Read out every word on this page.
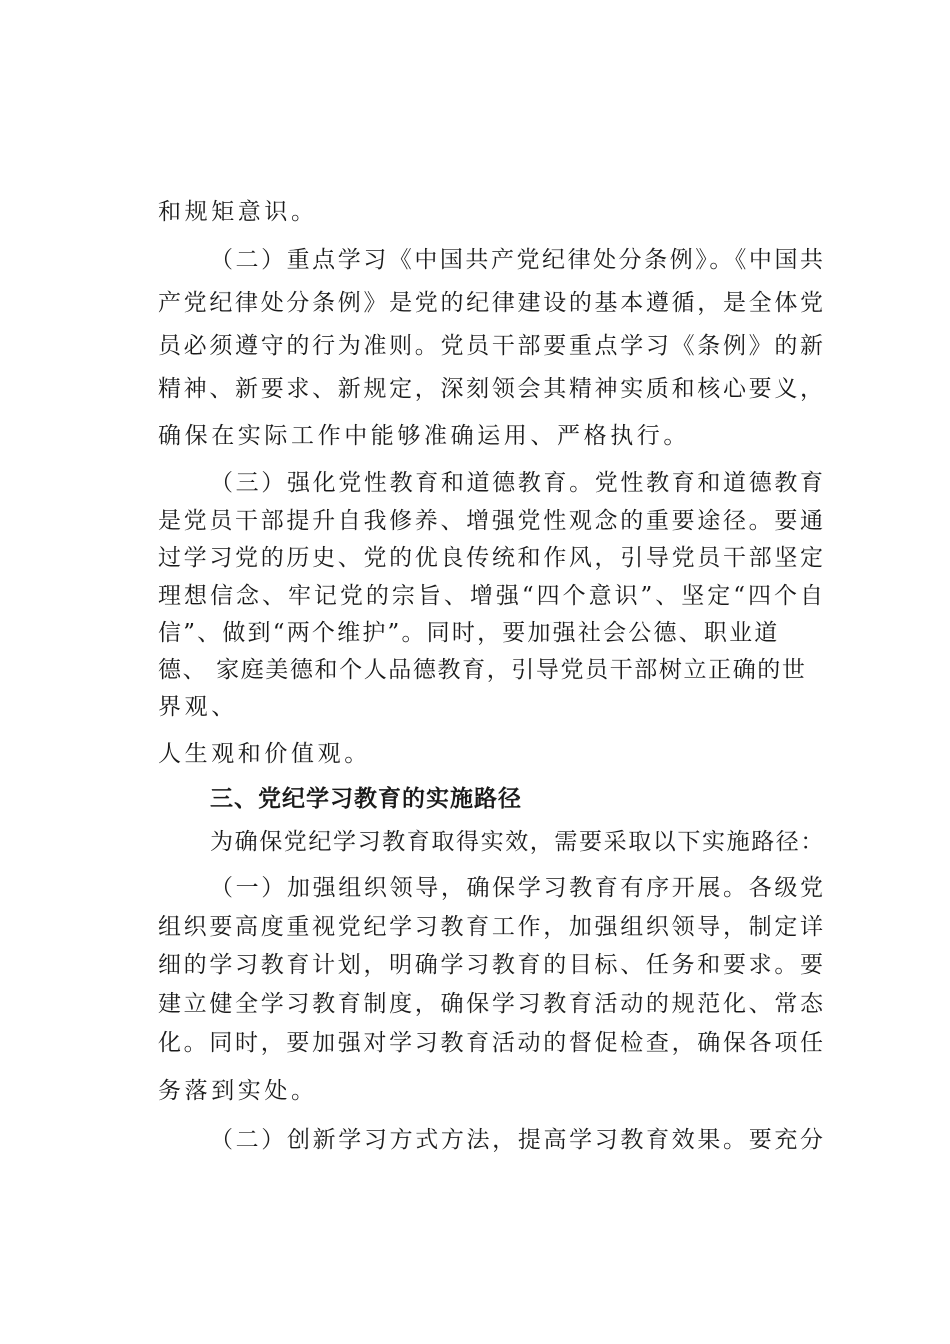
和规矩意识。
（二）重点学习《中国共产党纪律处分条例》。《中国共
产党纪律处分条例》是党的纪律建设的基本遵循，是全体党
员必须遵守的行为准则。党员干部要重点学习《条例》的新
精神、新要求、新规定，深刻领会其精神实质和核心要义，
确保在实际工作中能够准确运用、严格执行。
（三）强化党性教育和道德教育。党性教育和道德教育
是党员干部提升自我修养、增强党性观念的重要途径。要通
过学习党的历史、党的优良传统和作风，引导党员干部坚定
理想信念、牢记党的宗旨、增强“四个意识”、坚定“四个自
信”、做到“两个维护”。同时，要加强社会公德、职业道
德、 家庭美德和个人品德教育，引导党员干部树立正确的世
界观、
人生观和价值观。
三、党纪学习教育的实施路径
为确保党纪学习教育取得实效，需要采取以下实施路径：
（一）加强组织领导，确保学习教育有序开展。各级党
组织要高度重视党纪学习教育工作，加强组织领导，制定详
细的学习教育计划，明确学习教育的目标、任务和要求。要
建立健全学习教育制度，确保学习教育活动的规范化、常态
化。同时，要加强对学习教育活动的督促检查，确保各项任
务落到实处。
（二）创新学习方式方法，提高学习教育效果。要充分
